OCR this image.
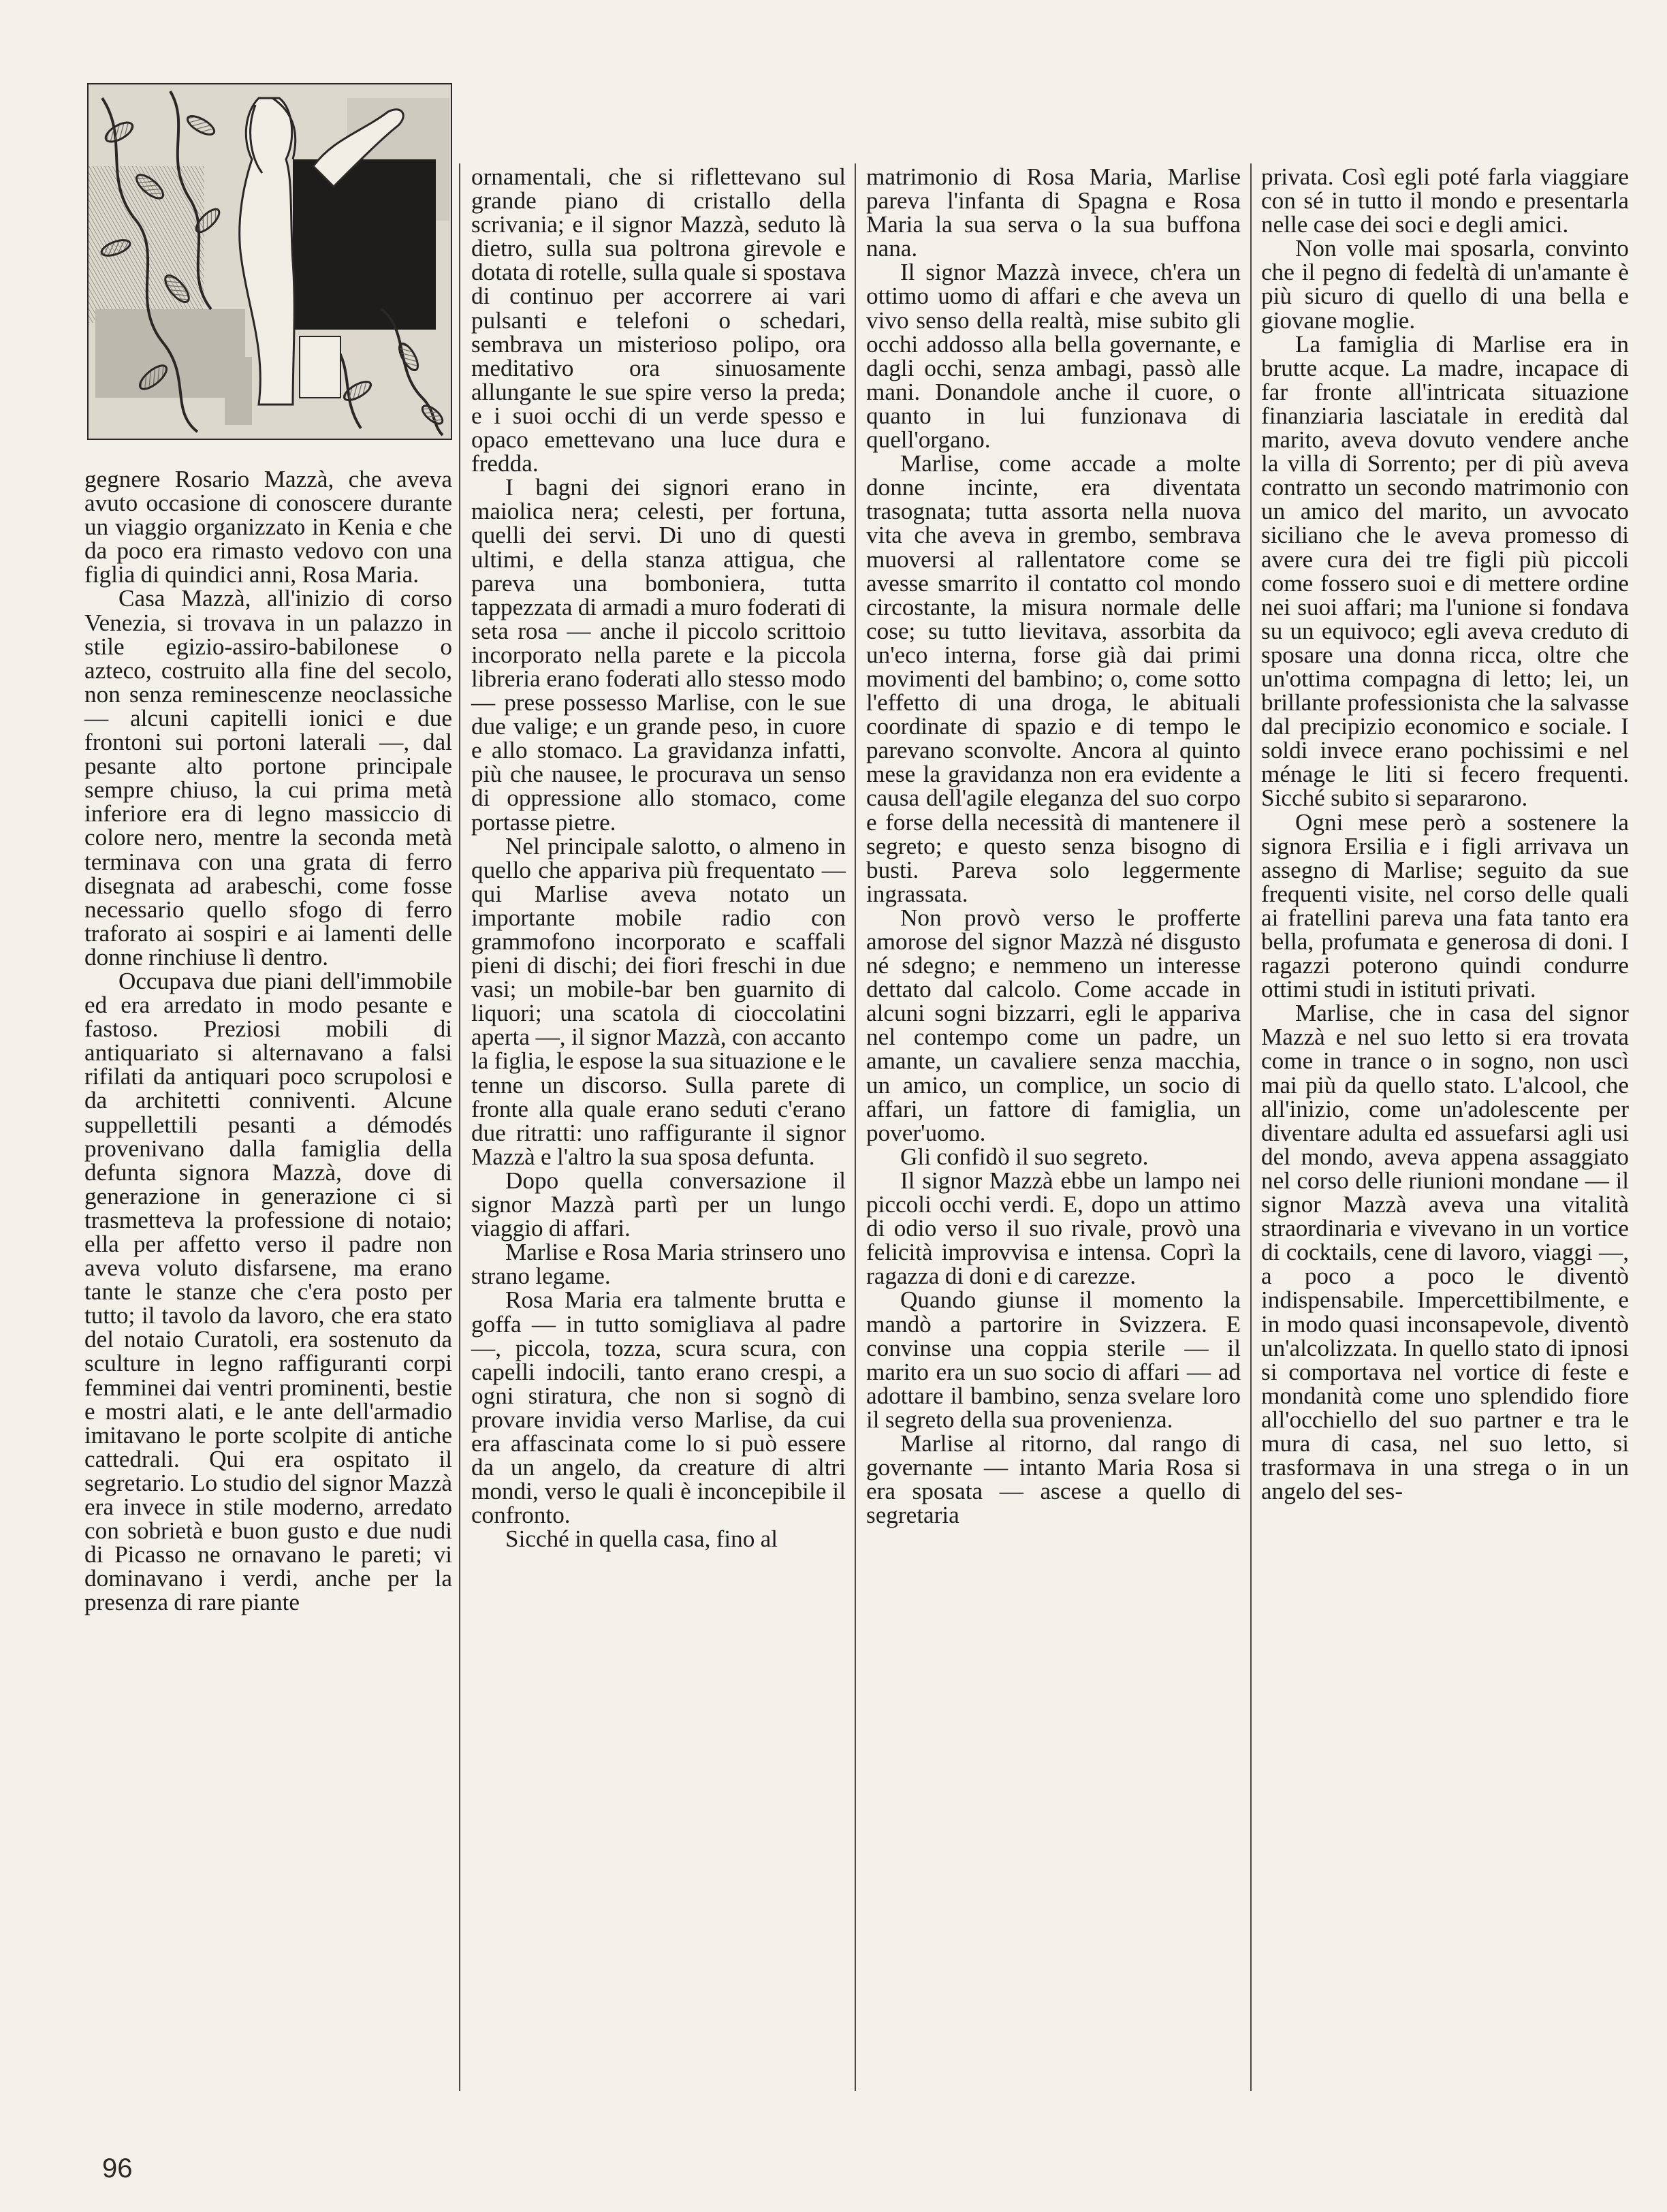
gegnere Rosario Mazzà, che aveva avuto occasione di conoscere durante un viaggio organizzato in Kenia e che da poco era rimasto vedovo con una figlia di quindici anni, Rosa Maria.

Casa Mazzà, all'inizio di corso Venezia, si trovava in un palazzo in stile egizio-assiro-babilonese o azteco, costruito alla fine del secolo, non senza reminescenze neoclassiche — alcuni capitelli ionici e due frontoni sui portoni laterali —, dal pesante alto portone principale sempre chiuso, la cui prima metà inferiore era di legno massiccio di colore nero, mentre la seconda metà terminava con una grata di ferro disegnata ad arabeschi, come fosse necessario quello sfogo di ferro traforato ai sospiri e ai lamenti delle donne rinchiuse lì dentro.

Occupava due piani dell'immobile ed era arredato in modo pesante e fastoso. Preziosi mobili di antiquariato si alternavano a falsi rifilati da antiquari poco scrupolosi e da architetti conniventi. Alcune suppellettili pesanti a démodés provenivano dalla famiglia della defunta signora Mazzà, dove di generazione in generazione ci si trasmetteva la professione di notaio; ella per affetto verso il padre non aveva voluto disfarsene, ma erano tante le stanze che c'era posto per tutto; il tavolo da lavoro, che era stato del notaio Curatoli, era sostenuto da sculture in legno raffiguranti corpi femminei dai ventri prominenti, bestie e mostri alati, e le ante dell'armadio imitavano le porte scolpite di antiche cattedrali. Qui era ospitato il segretario. Lo studio del signor Mazzà era invece in stile moderno, arredato con sobrietà e buon gusto e due nudi di Picasso ne ornavano le pareti; vi dominavano i verdi, anche per la presenza di rare piante

ornamentali, che si riflettevano sul grande piano di cristallo della scrivania; e il signor Mazzà, seduto là dietro, sulla sua poltrona girevole e dotata di rotelle, sulla quale si spostava di continuo per accorrere ai vari pulsanti e telefoni o schedari, sembrava un misterioso polipo, ora meditativo ora sinuosamente allungante le sue spire verso la preda; e i suoi occhi di un verde spesso e opaco emettevano una luce dura e fredda.

I bagni dei signori erano in maiolica nera; celesti, per fortuna, quelli dei servi. Di uno di questi ultimi, e della stanza attigua, che pareva una bomboniera, tutta tappezzata di armadi a muro foderati di seta rosa — anche il piccolo scrittoio incorporato nella parete e la piccola libreria erano foderati allo stesso modo — prese possesso Marlise, con le sue due valige; e un grande peso, in cuore e allo stomaco. La gravidanza infatti, più che nausee, le procurava un senso di oppressione allo stomaco, come portasse pietre.

Nel principale salotto, o almeno in quello che appariva più frequentato — qui Marlise aveva notato un importante mobile radio con grammofono incorporato e scaffali pieni di dischi; dei fiori freschi in due vasi; un mobile-bar ben guarnito di liquori; una scatola di cioccolatini aperta —, il signor Mazzà, con accanto la figlia, le espose la sua situazione e le tenne un discorso. Sulla parete di fronte alla quale erano seduti c'erano due ritratti: uno raffigurante il signor Mazzà e l'altro la sua sposa defunta.

Dopo quella conversazione il signor Mazzà partì per un lungo viaggio di affari.

Marlise e Rosa Maria strinsero uno strano legame.

Rosa Maria era talmente brutta e goffa — in tutto somigliava al padre —, piccola, tozza, scura scura, con capelli indocili, tanto erano crespi, a ogni stiratura, che non si sognò di provare invidia verso Marlise, da cui era affascinata come lo si può essere da un angelo, da creature di altri mondi, verso le quali è inconcepibile il confronto.

Sicché in quella casa, fino al

matrimonio di Rosa Maria, Marlise pareva l'infanta di Spagna e Rosa Maria la sua serva o la sua buffona nana.

Il signor Mazzà invece, ch'era un ottimo uomo di affari e che aveva un vivo senso della realtà, mise subito gli occhi addosso alla bella governante, e dagli occhi, senza ambagi, passò alle mani. Donandole anche il cuore, o quanto in lui funzionava di quell'organo.

Marlise, come accade a molte donne incinte, era diventata trasognata; tutta assorta nella nuova vita che aveva in grembo, sembrava muoversi al rallentatore come se avesse smarrito il contatto col mondo circostante, la misura normale delle cose; su tutto lievitava, assorbita da un'eco interna, forse già dai primi movimenti del bambino; o, come sotto l'effetto di una droga, le abituali coordinate di spazio e di tempo le parevano sconvolte. Ancora al quinto mese la gravidanza non era evidente a causa dell'agile eleganza del suo corpo e forse della necessità di mantenere il segreto; e questo senza bisogno di busti. Pareva solo leggermente ingrassata.

Non provò verso le profferte amorose del signor Mazzà né disgusto né sdegno; e nemmeno un interesse dettato dal calcolo. Come accade in alcuni sogni bizzarri, egli le appariva nel contempo come un padre, un amante, un cavaliere senza macchia, un amico, un complice, un socio di affari, un fattore di famiglia, un pover'uomo.

Gli confidò il suo segreto.

Il signor Mazzà ebbe un lampo nei piccoli occhi verdi. E, dopo un attimo di odio verso il suo rivale, provò una felicità improvvisa e intensa. Coprì la ragazza di doni e di carezze.

Quando giunse il momento la mandò a partorire in Svizzera. E convinse una coppia sterile — il marito era un suo socio di affari — ad adottare il bambino, senza svelare loro il segreto della sua provenienza.

Marlise al ritorno, dal rango di governante — intanto Maria Rosa si era sposata — ascese a quello di segretaria

privata. Così egli poté farla viaggiare con sé in tutto il mondo e presentarla nelle case dei soci e degli amici.

Non volle mai sposarla, convinto che il pegno di fedeltà di un'amante è più sicuro di quello di una bella e giovane moglie.

La famiglia di Marlise era in brutte acque. La madre, incapace di far fronte all'intricata situazione finanziaria lasciatale in eredità dal marito, aveva dovuto vendere anche la villa di Sorrento; per di più aveva contratto un secondo matrimonio con un amico del marito, un avvocato siciliano che le aveva promesso di avere cura dei tre figli più piccoli come fossero suoi e di mettere ordine nei suoi affari; ma l'unione si fondava su un equivoco; egli aveva creduto di sposare una donna ricca, oltre che un'ottima compagna di letto; lei, un brillante professionista che la salvasse dal precipizio economico e sociale. I soldi invece erano pochissimi e nel ménage le liti si fecero frequenti. Sicché subito si separarono.

Ogni mese però a sostenere la signora Ersilia e i figli arrivava un assegno di Marlise; seguito da sue frequenti visite, nel corso delle quali ai fratellini pareva una fata tanto era bella, profumata e generosa di doni. I ragazzi poterono quindi condurre ottimi studi in istituti privati.

Marlise, che in casa del signor Mazzà e nel suo letto si era trovata come in trance o in sogno, non uscì mai più da quello stato. L'alcool, che all'inizio, come un'adolescente per diventare adulta ed assuefarsi agli usi del mondo, aveva appena assaggiato nel corso delle riunioni mondane — il signor Mazzà aveva una vitalità straordinaria e vivevano in un vortice di cocktails, cene di lavoro, viaggi —, a poco a poco le diventò indispensabile. Impercettibilmente, e in modo quasi inconsapevole, diventò un'alcolizzata. In quello stato di ipnosi si comportava nel vortice di feste e mondanità come uno splendido fiore all'occhiello del suo partner e tra le mura di casa, nel suo letto, si trasformava in una strega o in un angelo del ses-

96
